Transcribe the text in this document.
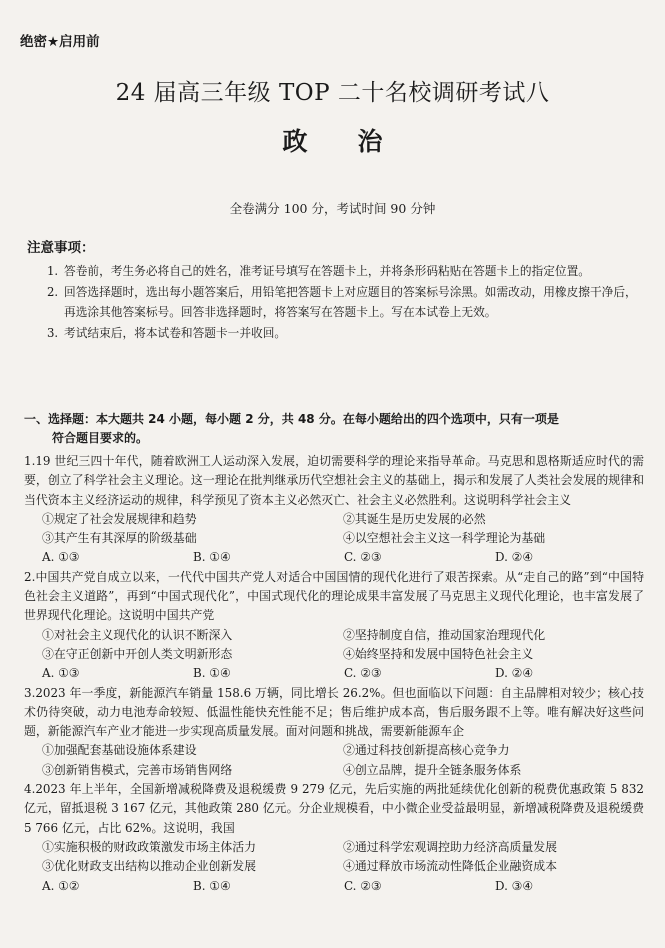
绝密★启用前
24 届高三年级 TOP 二十名校调研考试八
政治
全卷满分 100 分，考试时间 90 分钟
注意事项：
1. 答卷前，考生务必将自己的姓名，准考证号填写在答题卡上，并将条形码粘贴在答题卡上的指定位置。
2. 回答选择题时，选出每小题答案后，用铅笔把答题卡上对应题目的答案标号涂黑。如需改动，用橡皮擦干净后，再选涂其他答案标号。回答非选择题时，将答案写在答题卡上。写在本试卷上无效。
3. 考试结束后，将本试卷和答题卡一并收回。
一、选择题：本大题共 24 小题，每小题 2 分，共 48 分。在每小题给出的四个选项中，只有一项是
符合题目要求的。
1.19 世纪三四十年代，随着欧洲工人运动深入发展，迫切需要科学的理论来指导革命。马克思和恩格斯适应时代的需要，创立了科学社会主义理论。这一理论在批判继承历代空想社会主义的基础上，揭示和发展了人类社会发展的规律和当代资本主义经济运动的规律，科学预见了资本主义必然灭亡、社会主义必然胜利。这说明科学社会主义
①规定了社会发展规律和趋势	②其诞生是历史发展的必然
③其产生有其深厚的阶级基础	④以空想社会主义这一科学理论为基础
A. ①③	B. ①④	C. ②③	D. ②④
2.中国共产党自成立以来，一代代中国共产党人对适合中国国情的现代化进行了艰苦探索。从“走自己的路”到“中国特色社会主义道路”，再到“中国式现代化”，中国式现代化的理论成果丰富发展了马克思主义现代化理论，也丰富发展了世界现代化理论。这说明中国共产党
①对社会主义现代化的认识不断深入	②坚持制度自信，推动国家治理现代化
③在守正创新中开创人类文明新形态	④始终坚持和发展中国特色社会主义
A. ①③	B. ①④	C. ②③	D. ②④
3.2023 年一季度，新能源汽车销量 158.6 万辆，同比增长 26.2%。但也面临以下问题：自主品牌相对较少；核心技术仍待突破，动力电池寿命较短、低温性能快充性能不足；售后维护成本高，售后服务跟不上等。唯有解决好这些问题，新能源汽车产业才能进一步实现高质量发展。面对问题和挑战，需要新能源车企
①加强配套基础设施体系建设	②通过科技创新提高核心竞争力
③创新销售模式，完善市场销售网络	④创立品牌，提升全链条服务体系
4.2023 年上半年，全国新增减税降费及退税缓费 9 279 亿元，先后实施的两批延续优化创新的税费优惠政策 5 832 亿元，留抵退税 3 167 亿元，其他政策 280 亿元。分企业规模看，中小微企业受益最明显，新增减税降费及退税缓费 5 766 亿元，占比 62%。这说明，我国
①实施积极的财政政策激发市场主体活力	②通过科学宏观调控助力经济高质量发展
③优化财政支出结构以推动企业创新发展	④通过释放市场流动性降低企业融资成本
A. ①②	B. ①④	C. ②③	D. ③④
